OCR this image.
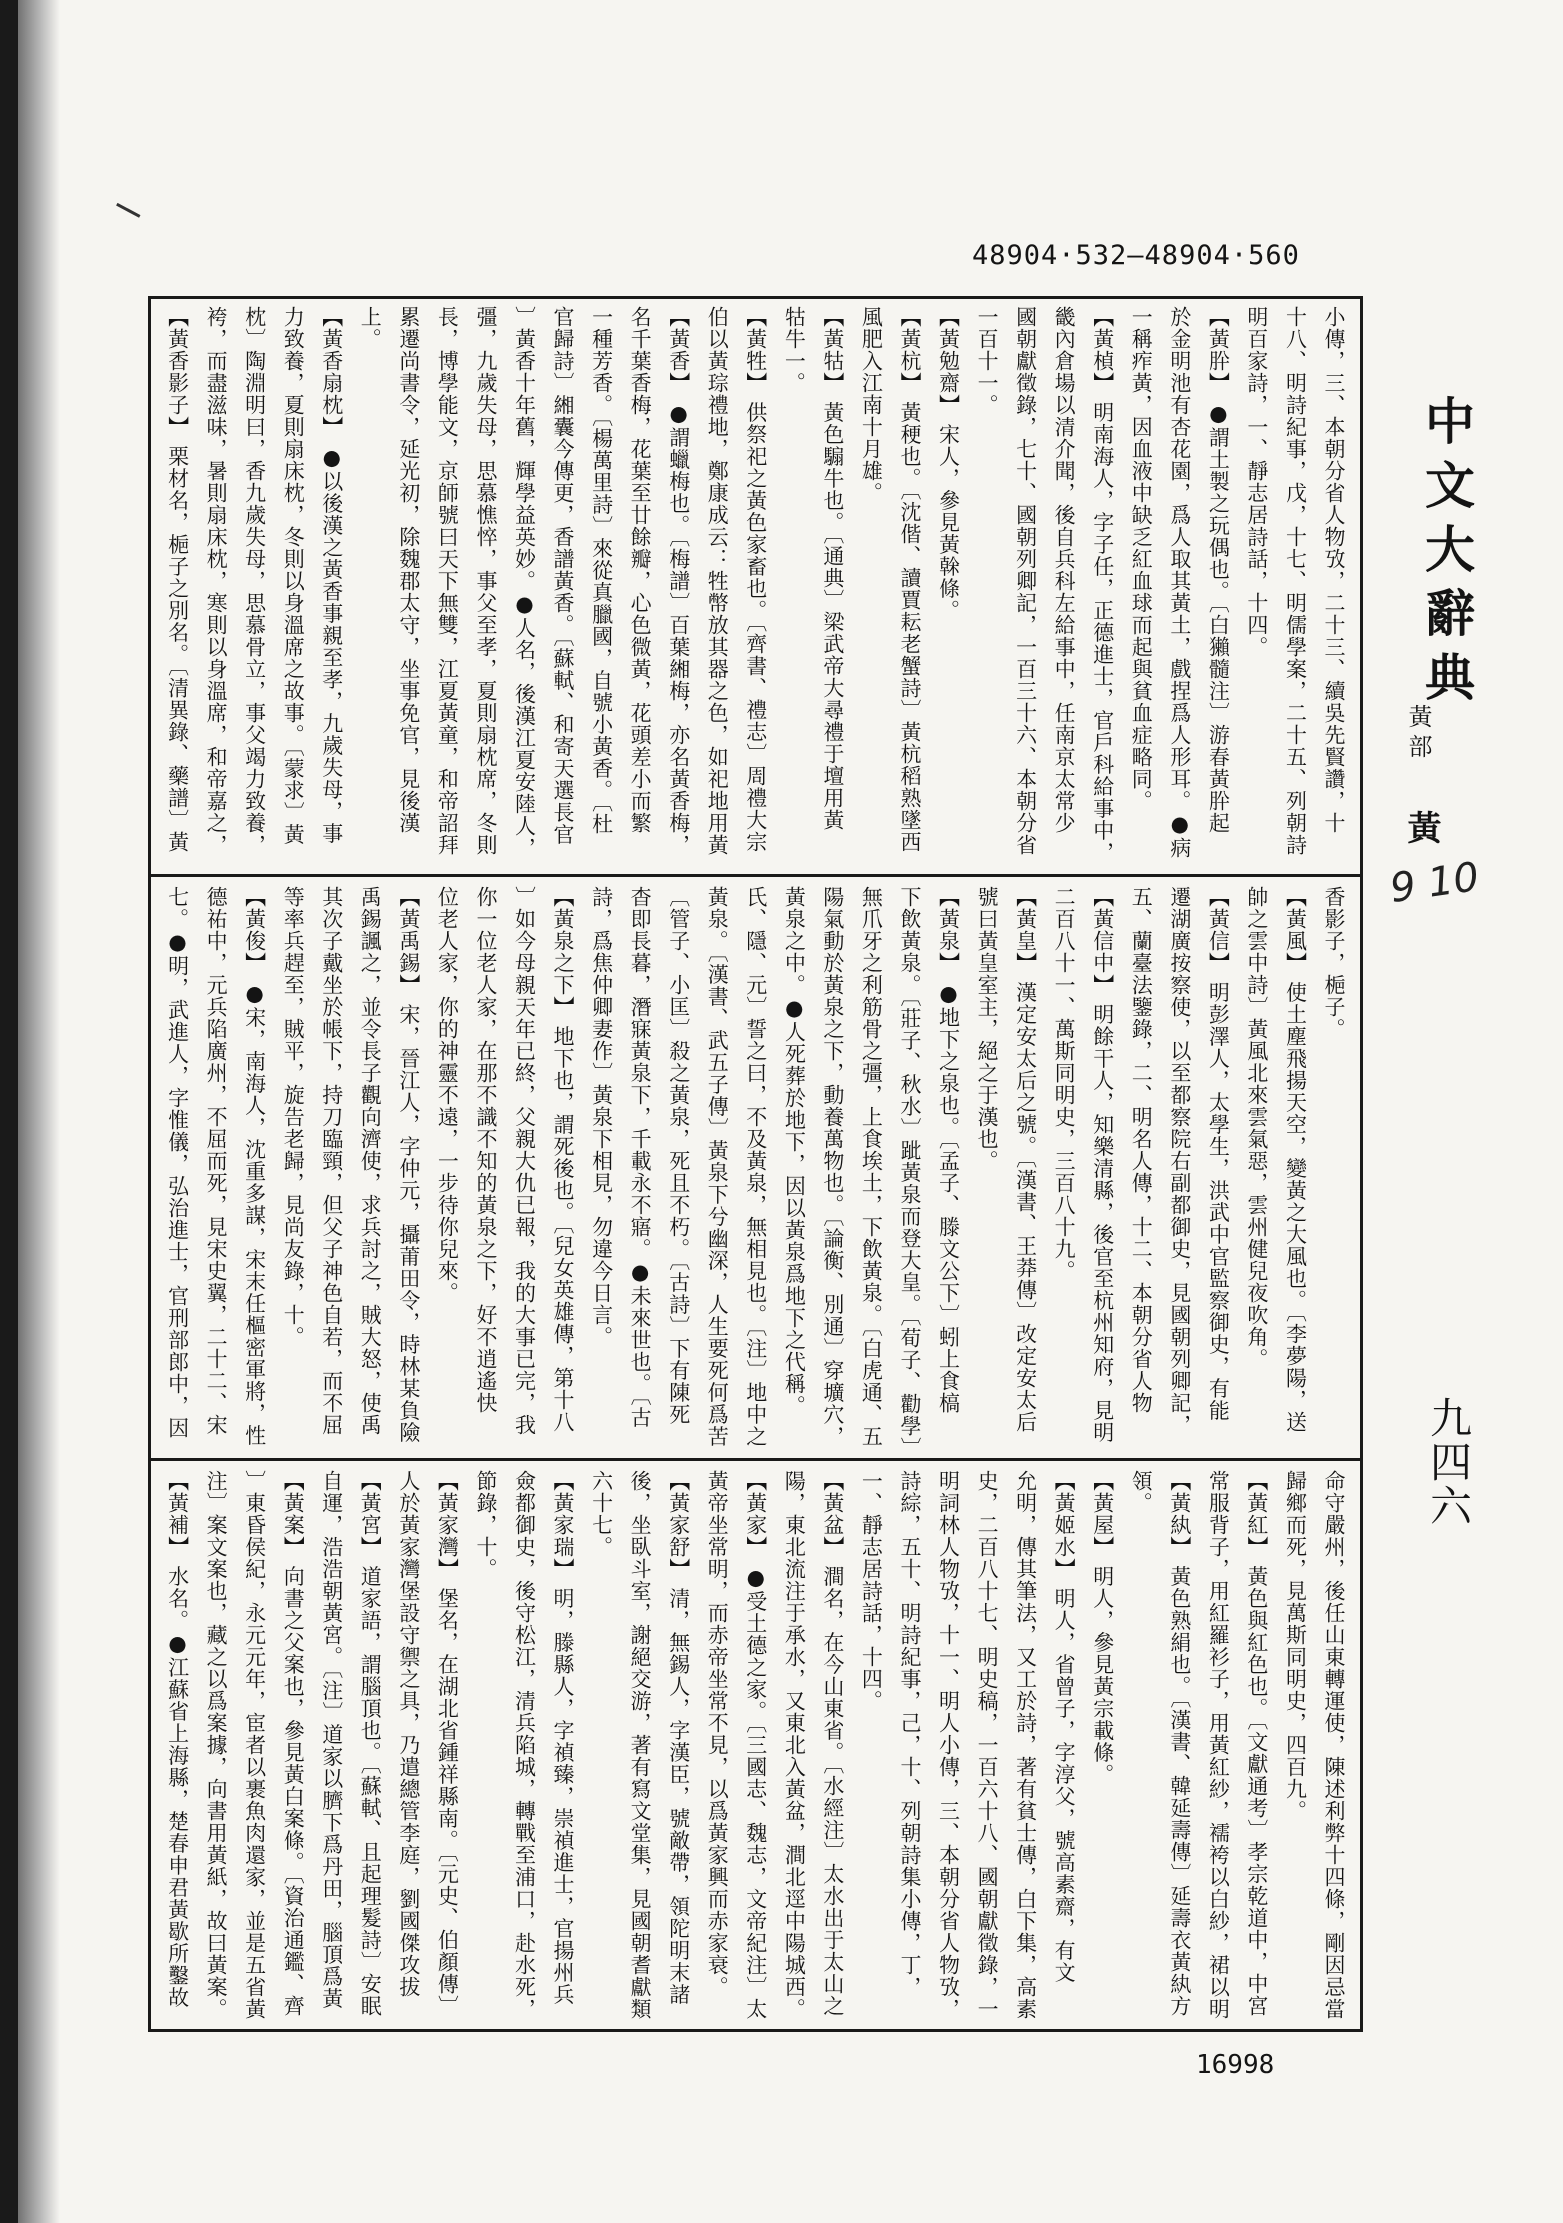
48904·532—48904·560
小傳，三、本朝分省人物攷，二十三、續吳先賢讚，十
十八、明詩紀事，戊，十七、明儒學案，二十五、列朝詩
明百家詩，一、靜志居詩話，十四。
【黃肸】 ●謂土製之玩偶也。〔白獺髓注〕游春黃肸起
於金明池有杏花園，爲人取其黃土，戲捏爲人形耳。●病
一稱痄黃，因血液中缺乏紅血球而起與貧血症略同。
【黃楨】 明南海人，字子任，正德進士，官戶科給事中，
畿內倉場以清介聞，後自兵科左給事中，任南京太常少
國朝獻徵錄，七十、國朝列卿記，一百三十六、本朝分省
一百十一。
【黃勉齋】 宋人，參見黃榦條。
【黃杭】 黃稉也。〔沈偕、讀賈耘老蟹詩〕黃杭稻熟墜西
風肥入江南十月雄。
【黃牯】 黃色騸牛也。〔通典〕梁武帝大尋禮于壇用黃
牯牛一。
【黃牲】 供祭祀之黃色家畜也。〔齊書、禮志〕周禮大宗
伯以黃琮禮地，鄭康成云：牲幣放其器之色，如祀地用黃
【黃香】 ●謂蠟梅也。〔梅譜〕百葉緗梅，亦名黃香梅，
名千葉香梅，花葉至廿餘瓣，心色微黃，花頭差小而繁
一種芳香。〔楊萬里詩〕來從真臘國，自號小黃香。〔杜
官歸詩〕緗囊今傳更，香譜黃香。〔蘇軾、和寄天選長官
〕黃香十年舊，輝學益英妙。●人名，後漢江夏安陸人，
彊，九歲失母，思慕憔悴，事父至孝，夏則扇枕席，冬則
長，博學能文，京師號曰天下無雙，江夏黃童，和帝詔拜
累遷尚書令，延光初，除魏郡太守，坐事免官，見後漢
上。
【黃香扇枕】 ●以後漢之黃香事親至孝，九歲失母，事
力致養，夏則扇床枕，冬則以身溫席之故事。〔蒙求〕黃
枕〕陶淵明曰，香九歲失母，思慕骨立，事父竭力致養，
袴，而盡滋味，暑則扇床枕，寒則以身溫席，和帝嘉之，
【黃香影子】 栗材名，梔子之別名。〔清異錄、藥譜〕黃
香影子，梔子。
【黃風】 使土塵飛揚天空，變黃之大風也。〔李夢陽，送
帥之雲中詩〕黃風北來雲氣惡，雲州健兒夜吹角。
【黃信】 明彭澤人，太學生，洪武中官監察御史，有能
遷湖廣按察使，以至都察院右副都御史，見國朝列卿記，
五、蘭臺法鑒錄，二、明名人傳，十二、本朝分省人物
【黃信中】 明餘干人，知樂清縣，後官至杭州知府，見明
二百八十一、萬斯同明史，三百八十九。
【黃皇】 漢定安太后之號。〔漢書、王莽傳〕改定安太后
號曰黃皇室主，絕之于漢也。
【黃泉】 ●地下之泉也。〔孟子、滕文公下〕蚓上食槁
下飲黃泉。〔莊子、秋水〕跐黃泉而登大皇。〔荀子、勸學〕
無爪牙之利筋骨之彊，上食埃土，下飲黃泉。〔白虎通、五
陽氣動於黃泉之下，動養萬物也。〔論衡、別通〕穿壙穴，
黃泉之中。●人死葬於地下，因以黃泉爲地下之代稱。
氏、隱、元〕誓之曰，不及黃泉，無相見也。〔注〕地中之
黃泉。〔漢書、武五子傳〕黃泉下兮幽深，人生要死何爲苦
〔管子、小匡〕殺之黃泉，死且不朽。〔古詩〕下有陳死
杳即長暮，潛寐黃泉下，千載永不寤。●未來世也。〔古
詩，爲焦仲卿妻作〕黃泉下相見，勿違今日言。
【黃泉之下】 地下也，謂死後也。〔兒女英雄傳，第十八
〕如今母親天年已終，父親大仇已報，我的大事已完，我
你一位老人家，在那不識不知的黃泉之下，好不逍遙快
位老人家，你的神靈不遠，一步待你兒來。
【黃禹錫】 宋，晉江人，字仲元，攝莆田令，時林某負險
禹錫諷之，並令長子觀向濟使，求兵討之，賊大怒，使禹
其次子戴坐於帳下，持刀臨頸，但父子神色自若，而不屈
等率兵趕至，賊平，旋告老歸，見尚友錄，十。
【黃俊】 ●宋，南海人，沈重多謀，宋末任樞密軍將，性
德祐中，元兵陷廣州，不屈而死，見宋史翼，二十二、宋
七。●明，武進人，字惟儀，弘治進士，官刑部郎中，因
命守嚴州，後任山東轉運使，陳述利弊十四條，剛因忌當
歸鄉而死，見萬斯同明史，四百九。
【黃紅】 黃色與紅色也。〔文獻通考〕孝宗乾道中，中宮
常服背子，用紅羅衫子，用黃紅紗，襦袴以白紗，裙以明
【黃紈】 黃色熟絹也。〔漢書、韓延壽傳〕延壽衣黃紈方
領。
【黃屋】 明人，參見黃宗載條。
【黃姬水】 明人，省曾子，字淳父，號高素齋，有文
允明，傳其筆法，又工於詩，著有貧士傳，白下集，高素
史，二百八十七、明史稿，一百六十八、國朝獻徵錄，一
明詞林人物攷，十一、明人小傳，三、本朝分省人物攷，
詩綜，五十、明詩紀事，己，十、列朝詩集小傳，丁，
一、靜志居詩話，十四。
【黃盆】 澗名，在今山東省。〔水經注〕太水出于太山之
陽，東北流注于承水，又東北入黃盆，澗北逕中陽城西。
【黃家】 ●受土德之家。〔三國志、魏志，文帝紀注〕太
黃帝坐常明，而赤帝坐常不見，以爲黃家興而赤家衰。
【黃家舒】 清，無錫人，字漢臣，號敵帶，領陀明末諸
後，坐臥斗室，謝絕交游，著有寫文堂集，見國朝耆獻類
六十七。
【黃家瑞】 明，滕縣人，字禎臻，崇禎進士，官揚州兵
僉都御史，後守松江，清兵陷城，轉戰至浦口，赴水死，
節錄，十。
【黃家灣】 堡名，在湖北省鍾祥縣南。〔元史、伯顏傳〕
人於黃家灣堡設守禦之具，乃遣總管李庭，劉國傑攻拔
【黃宮】 道家語，謂腦頂也。〔蘇軾、且起理髮詩〕安眠
自運，浩浩朝黃宮。〔注〕道家以臍下爲丹田，腦頂爲黃
【黃案】 向書之父案也，參見黃白案條。〔資治通鑑、齊
〕東昏侯紀，永元元年，宦者以裹魚肉還家，並是五省黃
注〕案文案也，藏之以爲案據，向書用黃紙，故曰黃案。
【黃補】 水名。●江蘇省上海縣，楚春申君黃歇所鑿故
中文大辭典
黃部
黃
9 10
九四六
16998
